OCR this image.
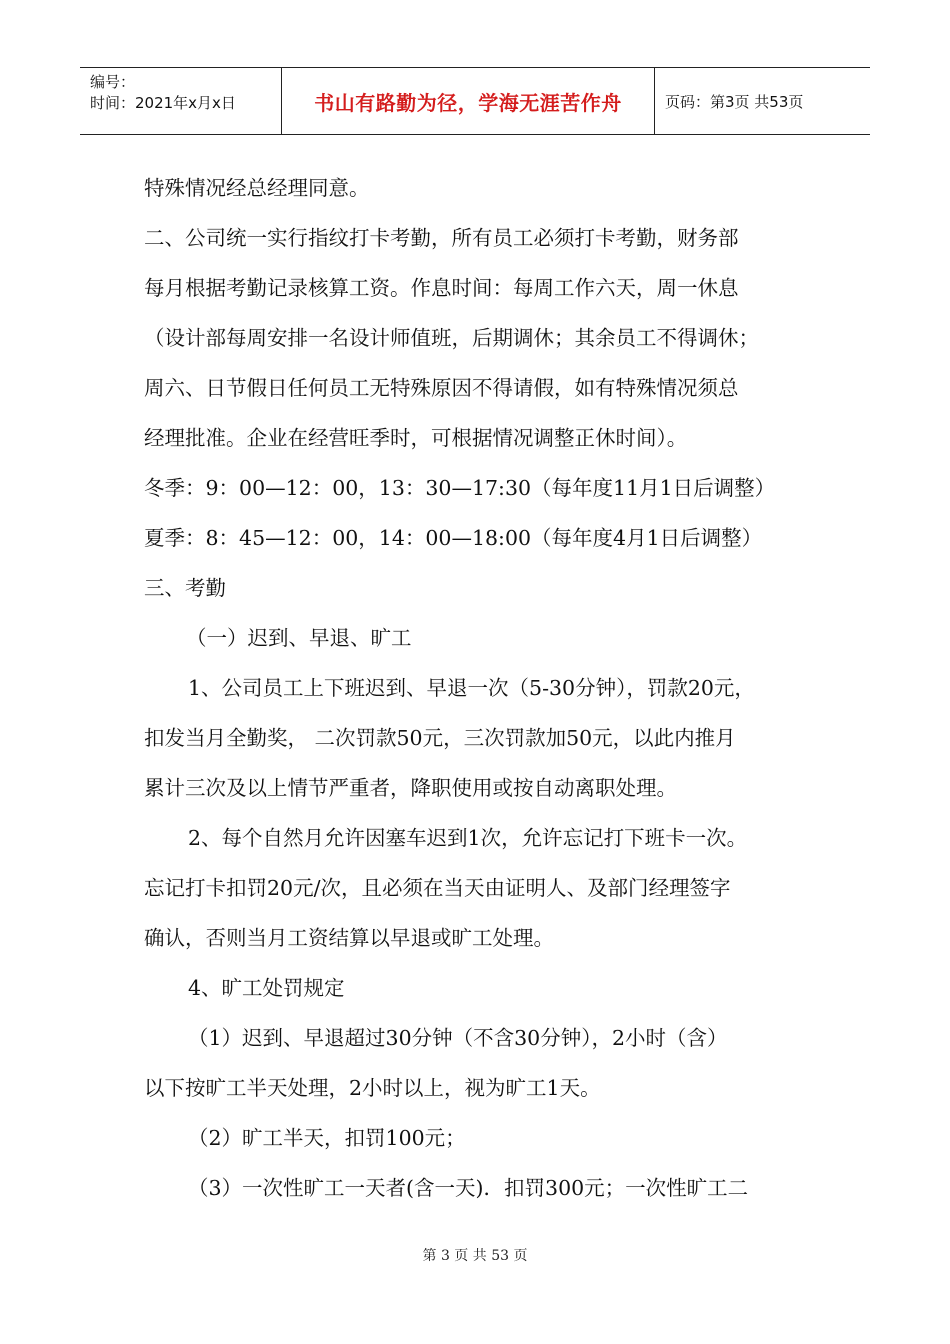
编号：
时间：2021年x月x日	书山有路勤为径，学海无涯苦作舟	页码：第3页 共53页

特殊情况经总经理同意。

二、公司统一实行指纹打卡考勤，所有员工必须打卡考勤，财务部

每月根据考勤记录核算工资。作息时间：每周工作六天，周一休息

（设计部每周安排一名设计师值班，后期调休；其余员工不得调休；

周六、日节假日任何员工无特殊原因不得请假，如有特殊情况须总

经理批准。企业在经营旺季时，可根据情况调整正休时间）。

冬季：9：00—12：00，13：30—17:30（每年度11月1日后调整）

夏季：8：45—12：00，14：00—18:00（每年度4月1日后调整）

三、考勤

（一）迟到、早退、旷工

1、公司员工上下班迟到、早退一次（5-30分钟），罚款20元，

扣发当月全勤奖， 二次罚款50元，三次罚款加50元，以此内推月

累计三次及以上情节严重者，降职使用或按自动离职处理。

2、每个自然月允许因塞车迟到1次，允许忘记打下班卡一次。

忘记打卡扣罚20元/次，且必须在当天由证明人、及部门经理签字

确认，否则当月工资结算以早退或旷工处理。

4、旷工处罚规定

（1）迟到、早退超过30分钟（不含30分钟），2小时（含）

以下按旷工半天处理，2小时以上，视为旷工1天。

（2）旷工半天，扣罚100元；

（3）一次性旷工一天者(含一天)．扣罚300元；一次性旷工二

第 3 页 共 53 页
